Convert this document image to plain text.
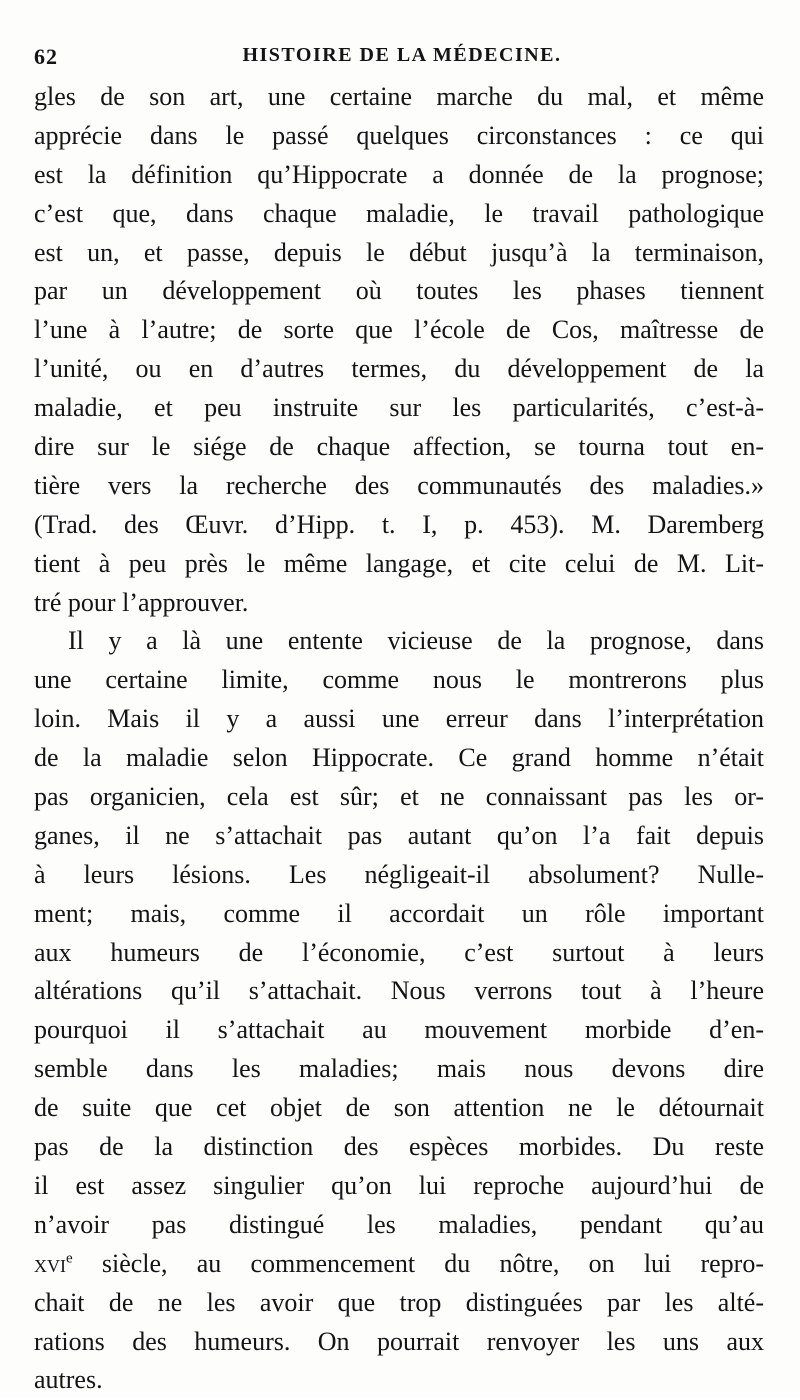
62	HISTOIRE DE LA MÉDECINE.
gles de son art, une certaine marche du mal, et même
apprécie dans le passé quelques circonstances : ce qui
est la définition qu’Hippocrate a donnée de la prognose;
c’est que, dans chaque maladie, le travail pathologique
est un, et passe, depuis le début jusqu’à la terminaison,
par un développement où toutes les phases tiennent
l’une à l’autre; de sorte que l’école de Cos, maîtresse de
l’unité, ou en d’autres termes, du développement de la
maladie, et peu instruite sur les particularités, c’est-à-
dire sur le siége de chaque affection, se tourna tout en-
tière vers la recherche des communautés des maladies.»
(Trad. des Œuvr. d’Hipp. t. I, p. 453). M. Daremberg
tient à peu près le même langage, et cite celui de M. Lit-
tré pour l’approuver.
Il y a là une entente vicieuse de la prognose, dans
une certaine limite, comme nous le montrerons plus
loin. Mais il y a aussi une erreur dans l’interprétation
de la maladie selon Hippocrate. Ce grand homme n’était
pas organicien, cela est sûr; et ne connaissant pas les or-
ganes, il ne s’attachait pas autant qu’on l’a fait depuis
à leurs lésions. Les négligeait-il absolument? Nulle-
ment; mais, comme il accordait un rôle important
aux humeurs de l’économie, c’est surtout à leurs
altérations qu’il s’attachait. Nous verrons tout à l’heure
pourquoi il s’attachait au mouvement morbide d’en-
semble dans les maladies; mais nous devons dire
de suite que cet objet de son attention ne le détournait
pas de la distinction des espèces morbides. Du reste
il est assez singulier qu’on lui reproche aujourd’hui de
n’avoir pas distingué les maladies, pendant qu’au
xvi$^e$ siècle, au commencement du nôtre, on lui repro-
chait de ne les avoir que trop distinguées par les alté-
rations des humeurs. On pourrait renvoyer les uns aux
autres.
